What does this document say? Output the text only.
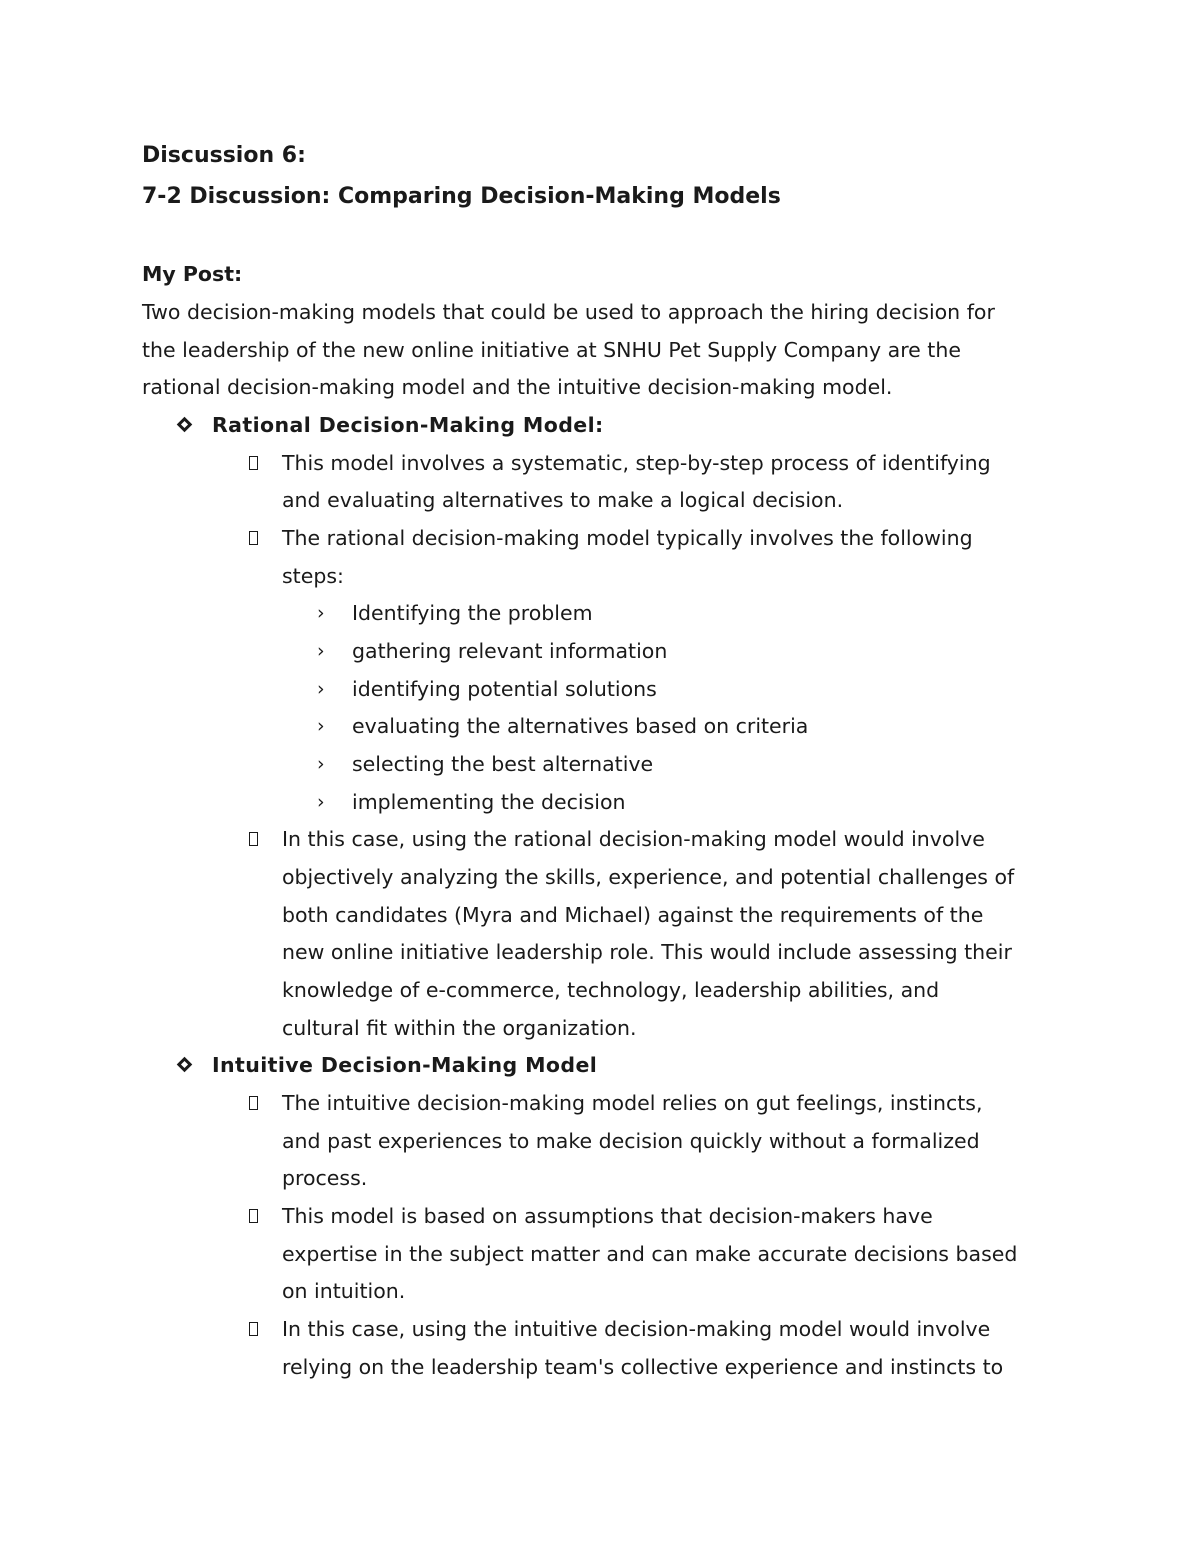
Discussion 6:
7-2 Discussion: Comparing Decision-Making Models
My Post:
Two decision-making models that could be used to approach the hiring decision for
the leadership of the new online initiative at SNHU Pet Supply Company are the
rational decision-making model and the intuitive decision-making model.
Rational Decision-Making Model:
This model involves a systematic, step-by-step process of identifying
and evaluating alternatives to make a logical decision.
The rational decision-making model typically involves the following
steps:
› Identifying the problem
› gathering relevant information
› identifying potential solutions
› evaluating the alternatives based on criteria
› selecting the best alternative
› implementing the decision
In this case, using the rational decision-making model would involve
objectively analyzing the skills, experience, and potential challenges of
both candidates (Myra and Michael) against the requirements of the
new online initiative leadership role. This would include assessing their
knowledge of e-commerce, technology, leadership abilities, and
cultural fit within the organization.
Intuitive Decision-Making Model
The intuitive decision-making model relies on gut feelings, instincts,
and past experiences to make decision quickly without a formalized
process.
This model is based on assumptions that decision-makers have
expertise in the subject matter and can make accurate decisions based
on intuition.
In this case, using the intuitive decision-making model would involve
relying on the leadership team's collective experience and instincts to
